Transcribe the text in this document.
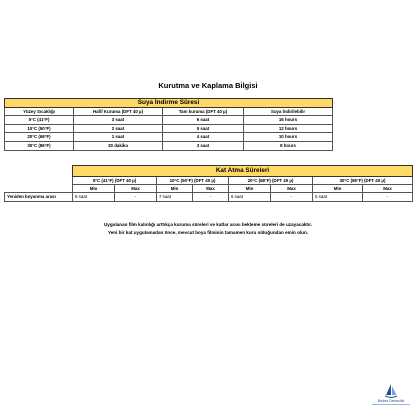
Kurutma ve Kaplama Bilgisi
Suya İndirme Süresi			
Yüzey Sıcaklığı	Hafif Kuruma (DFT 40 µ)	Tam kuruma (DFT 40 µ)	Suya İndirilebilir
5°C (41°F)	3 saat	6 saat	16 hours
10°C (50°F)	2 saat	5 saat	12 hours
20°C (68°F)	1 saat	4 saat	10 hours
30°C (86°F)	30 dakika	3 saat	8 hours
	Kat Atma Süreleri							
	5°C (41°F) (DFT 40 µ)		10°C (50°F) (DFT 40 µ)		20°C (68°F) (DFT 40 µ)		30°C (86°F) (DFT 40 µ)	
	Min	Max	Min	Max	Min	Max	Min	Max
Yeniden boyanma arası	8 saat	-	7 saat	-	6 saat	-	5 saat	-
Uygulanan film kalınlığı arttıkça kuruma süreleri ve katlar arası bekleme süreleri de uzayacaktır.
Yeni bir kat uygulamadan önce, mevcut boya filminin tamamen kuru olduğundan emin olun.
Boden Denizcilik
